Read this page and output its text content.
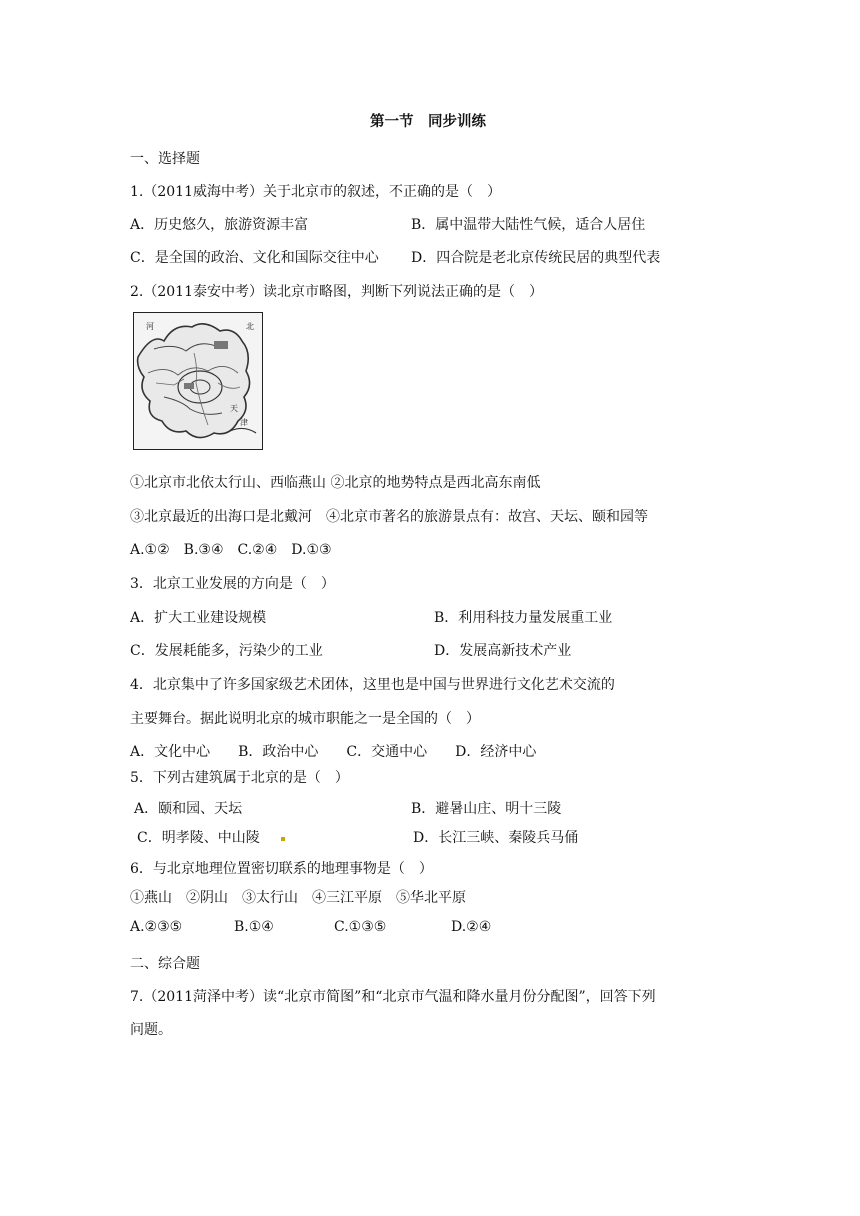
第一节　同步训练
一、选择题
1.（2011威海中考）关于北京市的叙述，不正确的是（　）
A．历史悠久，旅游资源丰富	B．属中温带大陆性气候，适合人居住
C．是全国的政治、文化和国际交往中心 D．四合院是老北京传统民居的典型代表
2.（2011泰安中考）读北京市略图，判断下列说法正确的是（　）
河	北
天
津
①北京市北依太行山、西临燕山 ②北京的地势特点是西北高东南低
③北京最近的出海口是北戴河　④北京市著名的旅游景点有：故宫、天坛、颐和园等
A.①②　B.③④　C.②④　D.①③
3．北京工业发展的方向是（　）
A．扩大工业建设规模	B．利用科技力量发展重工业
C．发展耗能多，污染少的工业	D．发展高新技术产业
4．北京集中了许多国家级艺术团体，这里也是中国与世界进行文化艺术交流的
主要舞台。据此说明北京的城市职能之一是全国的（　）
A．文化中心　　B．政治中心　　C．交通中心　　D．经济中心
5．下列古建筑属于北京的是（　）
A．颐和园、天坛	B．避暑山庄、明十三陵
C．明孝陵、中山陵	D．长江三峡、秦陵兵马俑
6．与北京地理位置密切联系的地理事物是（　）
①燕山　②阴山　③太行山　④三江平原　⑤华北平原
A.②③⑤	B.①④	C.①③⑤	D.②④
二、综合题
7.（2011菏泽中考）读“北京市简图”和“北京市气温和降水量月份分配图”，回答下列
问题。
